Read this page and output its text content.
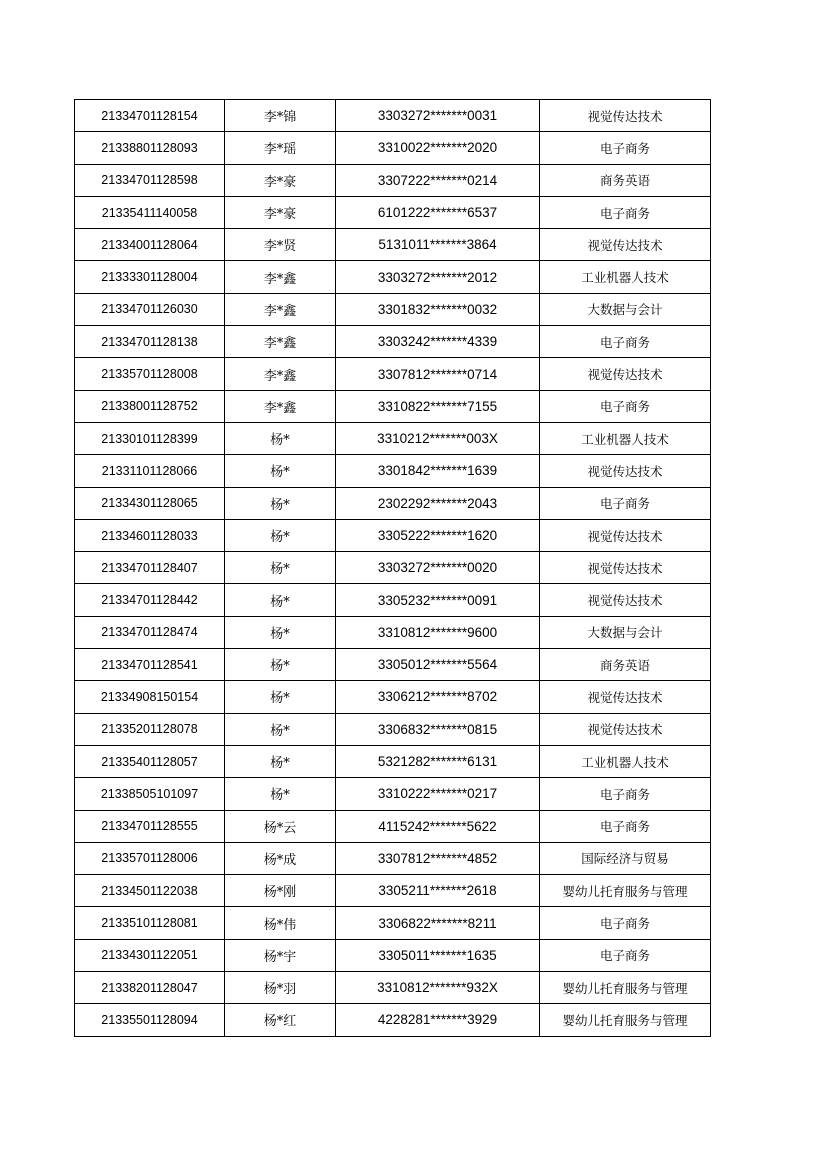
21334701128154	李*锦	3303272*******0031	视觉传达技术
21338801128093	李*瑶	3310022*******2020	电子商务
21334701128598	李*豪	3307222*******0214	商务英语
21335411140058	李*豪	6101222*******6537	电子商务
21334001128064	李*贤	5131011*******3864	视觉传达技术
21333301128004	李*鑫	3303272*******2012	工业机器人技术
21334701126030	李*鑫	3301832*******0032	大数据与会计
21334701128138	李*鑫	3303242*******4339	电子商务
21335701128008	李*鑫	3307812*******0714	视觉传达技术
21338001128752	李*鑫	3310822*******7155	电子商务
21330101128399	杨*	3310212*******003X	工业机器人技术
21331101128066	杨*	3301842*******1639	视觉传达技术
21334301128065	杨*	2302292*******2043	电子商务
21334601128033	杨*	3305222*******1620	视觉传达技术
21334701128407	杨*	3303272*******0020	视觉传达技术
21334701128442	杨*	3305232*******0091	视觉传达技术
21334701128474	杨*	3310812*******9600	大数据与会计
21334701128541	杨*	3305012*******5564	商务英语
21334908150154	杨*	3306212*******8702	视觉传达技术
21335201128078	杨*	3306832*******0815	视觉传达技术
21335401128057	杨*	5321282*******6131	工业机器人技术
21338505101097	杨*	3310222*******0217	电子商务
21334701128555	杨*云	4115242*******5622	电子商务
21335701128006	杨*成	3307812*******4852	国际经济与贸易
21334501122038	杨*刚	3305211*******2618	婴幼儿托育服务与管理
21335101128081	杨*伟	3306822*******8211	电子商务
21334301122051	杨*宇	3305011*******1635	电子商务
21338201128047	杨*羽	3310812*******932X	婴幼儿托育服务与管理
21335501128094	杨*红	4228281*******3929	婴幼儿托育服务与管理
